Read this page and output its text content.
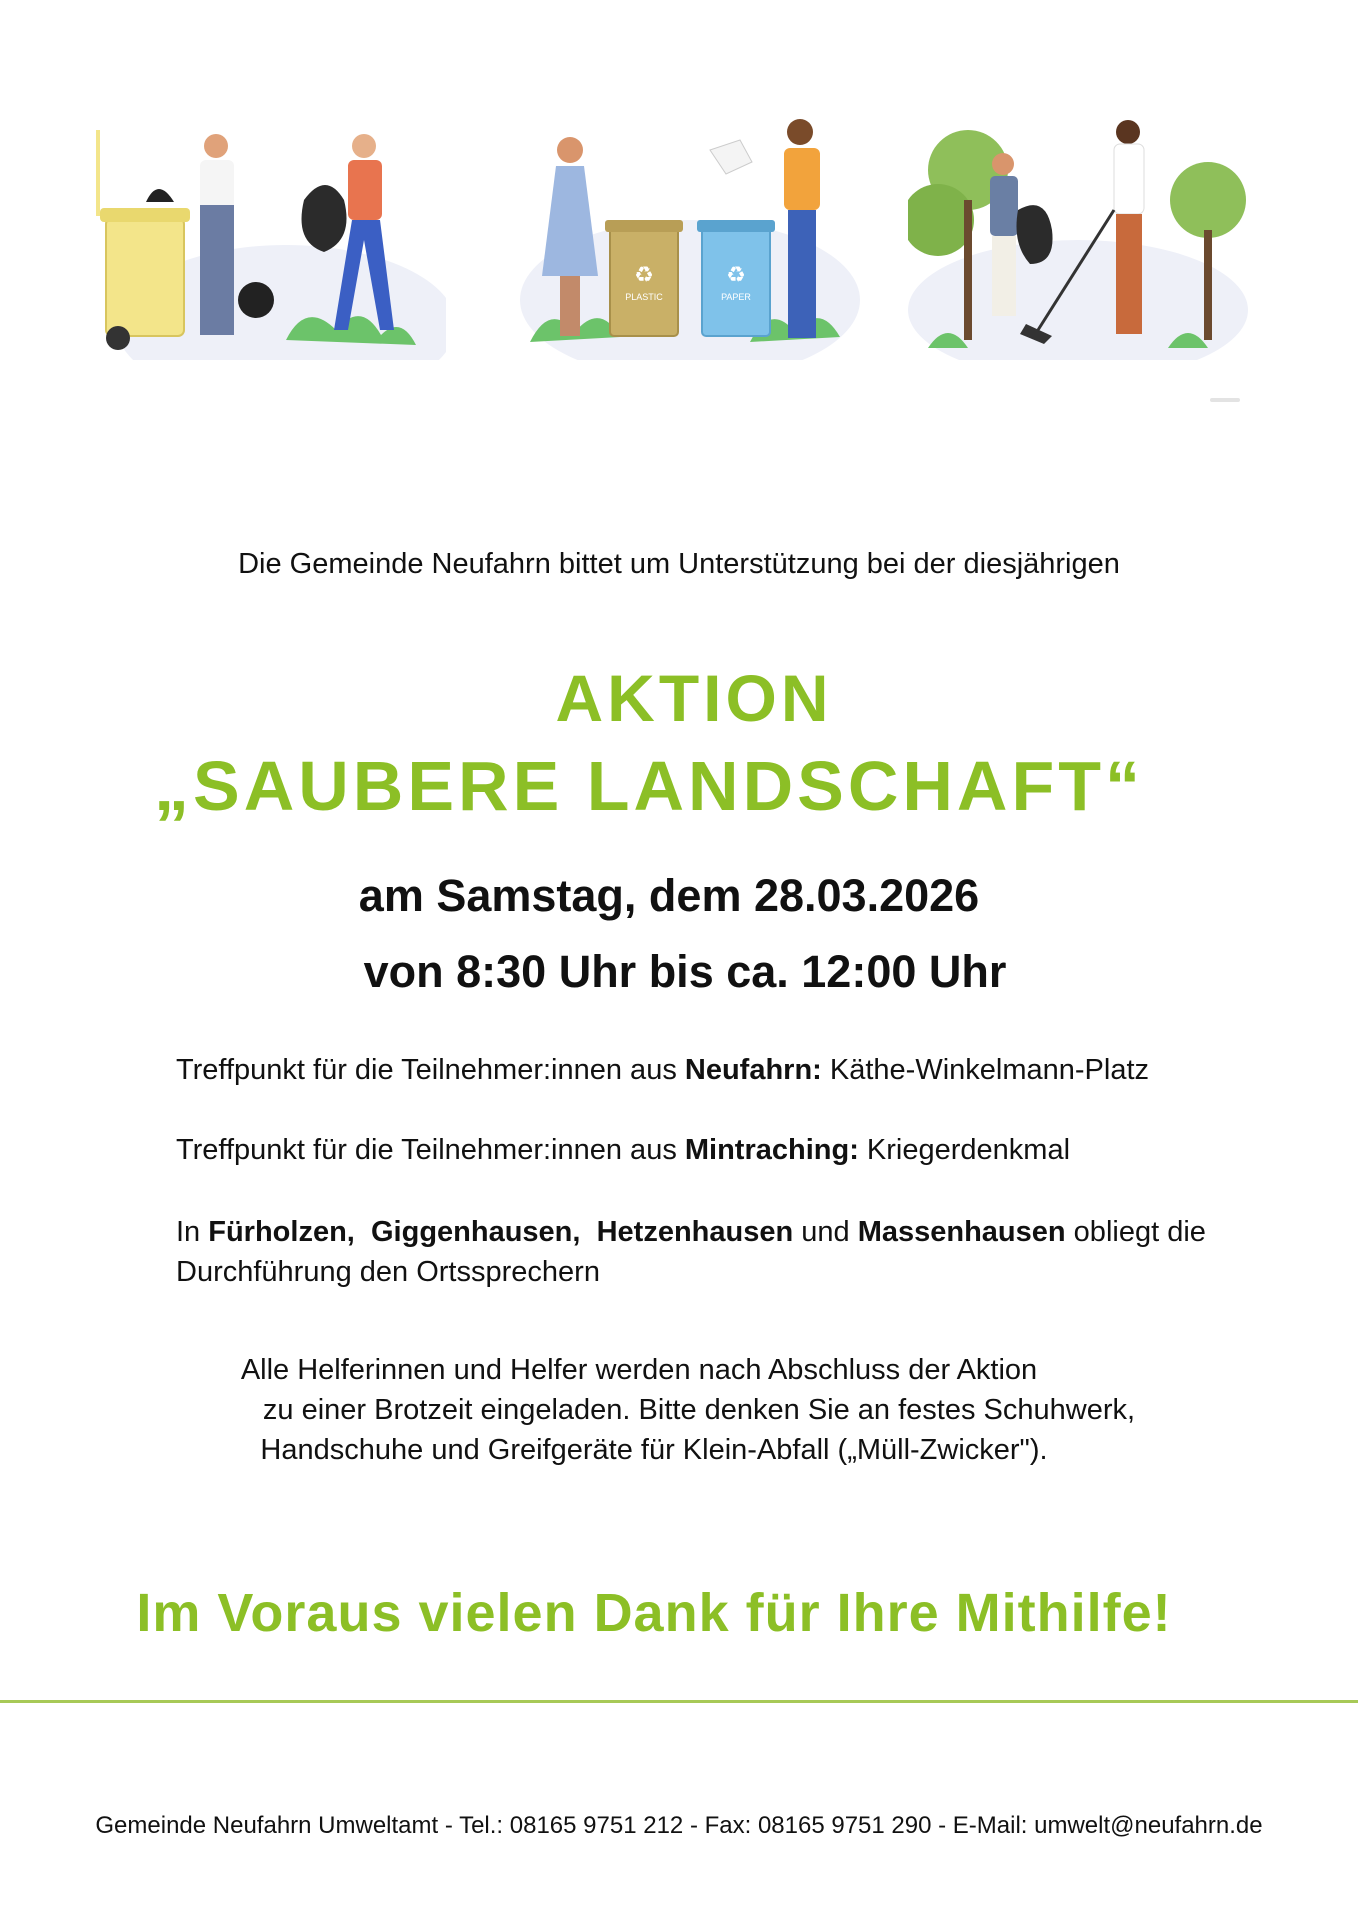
PLASTIC
♻
PAPER
♻
Die Gemeinde Neufahrn bittet um Unterstützung bei der diesjährigen
AKTION
„SAUBERE LANDSCHAFT“
am Samstag, dem 28.03.2026
von 8:30 Uhr bis ca. 12:00 Uhr
Treffpunkt für die Teilnehmer:innen aus Neufahrn: Käthe-Winkelmann-Platz
Treffpunkt für die Teilnehmer:innen aus Mintraching: Kriegerdenkmal
In Fürholzen, Giggenhausen, Hetzenhausen und Massenhausen obliegt die Durchführung den Ortssprechern
Alle Helferinnen und Helfer werden nach Abschluss der Aktion
zu einer Brotzeit eingeladen. Bitte denken Sie an festes Schuhwerk,
Handschuhe und Greifgeräte für Klein-Abfall („Müll-Zwicker").
Im Voraus vielen Dank für Ihre Mithilfe!
Gemeinde Neufahrn Umweltamt - Tel.: 08165 9751 212 - Fax: 08165 9751 290 - E-Mail: umwelt@neufahrn.de
